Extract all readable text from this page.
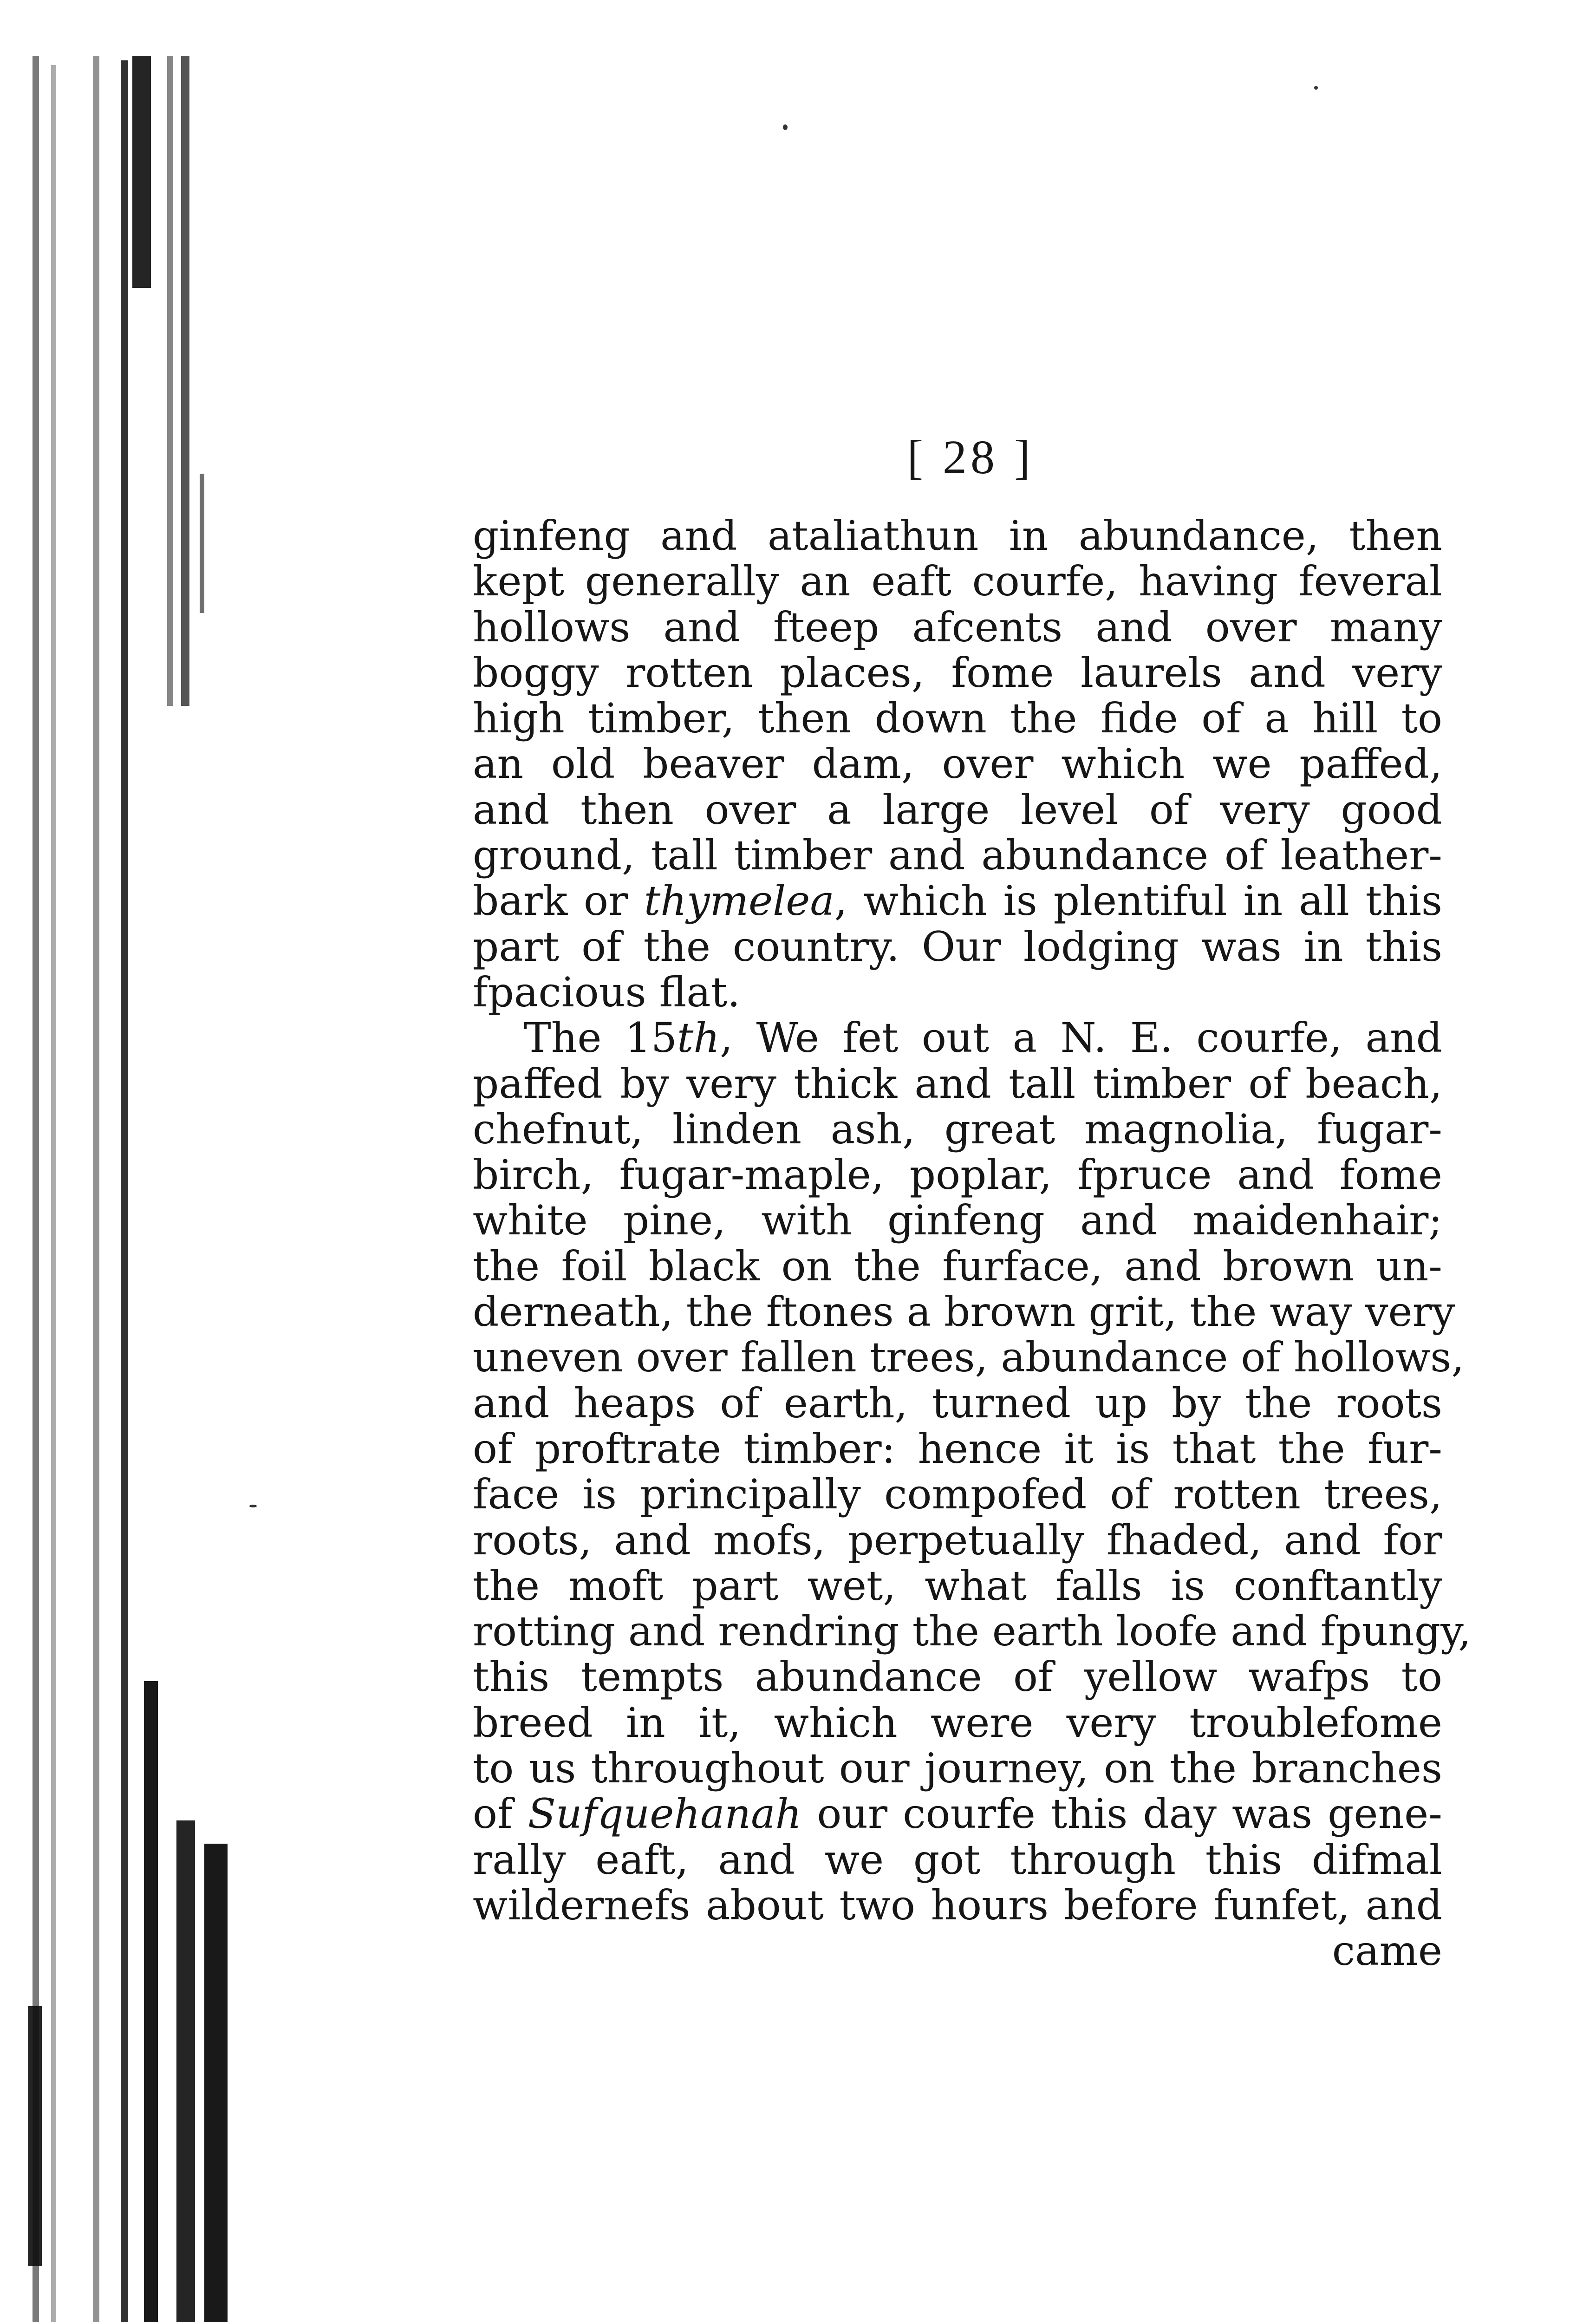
[ 28 ]
ginfeng and ataliathun in abundance, then
kept generally an eaft courfe, having feveral
hollows and fteep afcents and over many
boggy rotten places, fome laurels and very
high timber, then down the fide of a hill to
an old beaver dam, over which we paffed,
and then over a large level of very good
ground, tall timber and abundance of leather-
bark or thymelea, which is plentiful in all this
part of the country. Our lodging was in this
fpacious flat.
The 15th, We fet out a N. E. courfe, and
paffed by very thick and tall timber of beach,
chefnut, linden ash, great magnolia, fugar-
birch, fugar-maple, poplar, fpruce and fome
white pine, with ginfeng and maidenhair;
the foil black on the furface, and brown un-
derneath, the ftones a brown grit, the way very
uneven over fallen trees, abundance of hollows,
and heaps of earth, turned up by the roots
of proftrate timber: hence it is that the fur-
face is principally compofed of rotten trees,
roots, and mofs, perpetually fhaded, and for
the moft part wet, what falls is conftantly
rotting and rendring the earth loofe and fpungy,
this tempts abundance of yellow wafps to
breed in it, which were very troublefome
to us throughout our journey, on the branches
of Sufquehanah our courfe this day was gene-
rally eaft, and we got through this difmal
wildernefs about two hours before funfet, and
came
